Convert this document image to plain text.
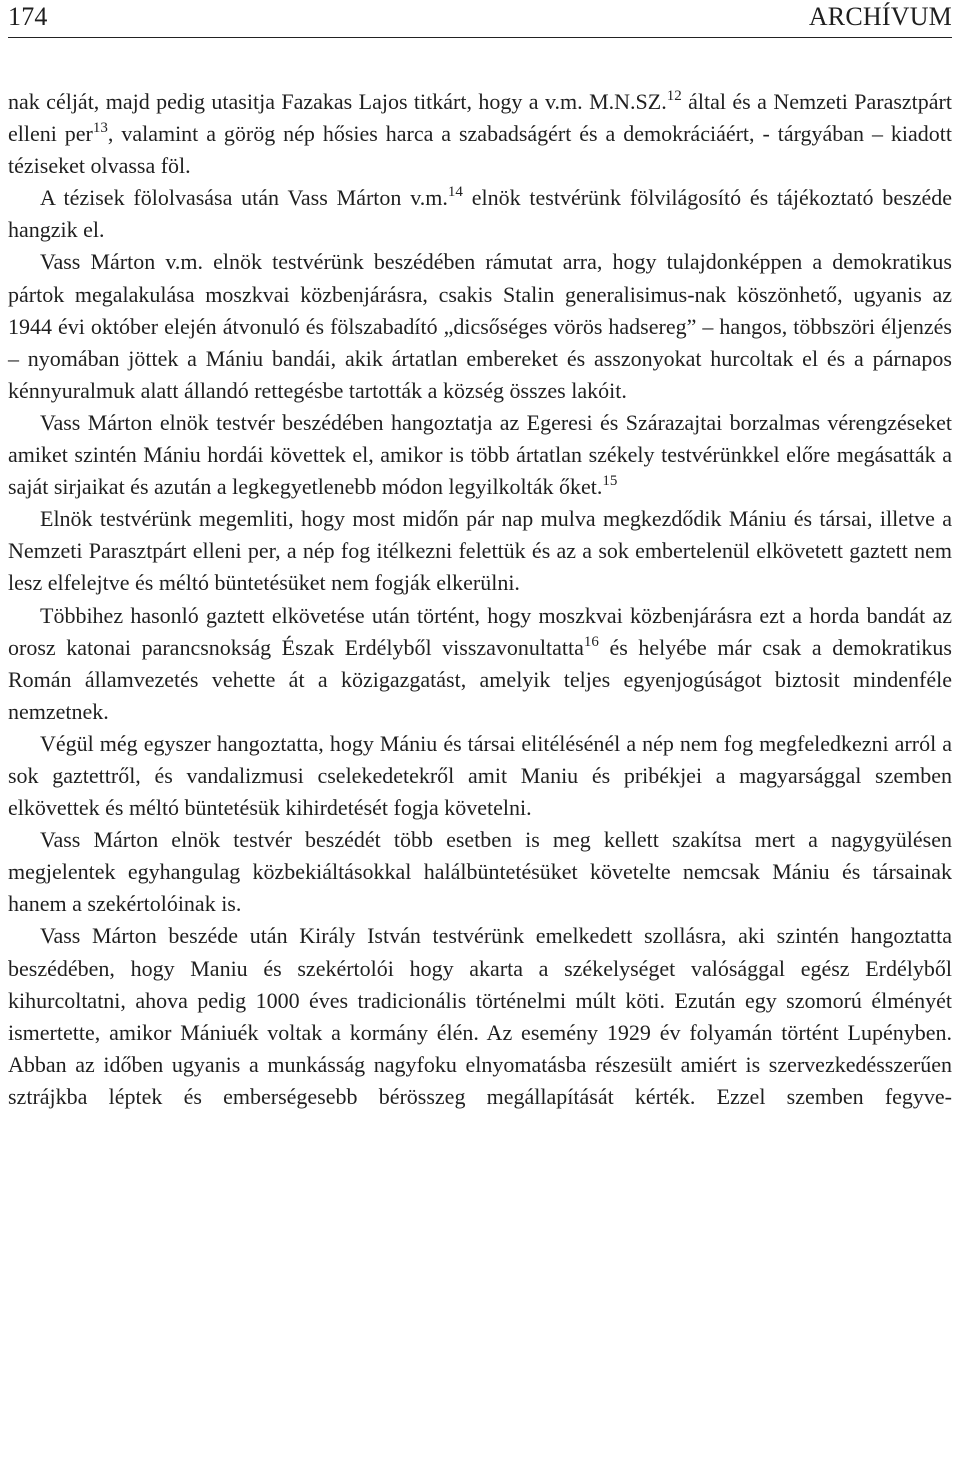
174	ARCHÍVUM

nak célját, majd pedig utasitja Fazakas Lajos titkárt, hogy a v.m. M.N.SZ.$^{12}$ által és a Nemzeti Parasztpárt elleni per$^{13}$, valamint a görög nép hősies harca a szabadságért és a demokráciáért, - tárgyában – kiadott téziseket olvassa föl.

A tézisek fölolvasása után Vass Márton v.m.$^{14}$ elnök testvérünk fölvilágosító és tájékoztató beszéde hangzik el.

Vass Márton v.m. elnök testvérünk beszédében rámutat arra, hogy tulajdonképpen a demokratikus pártok megalakulása moszkvai közbenjárásra, csakis Stalin generalisimus-nak köszönhető, ugyanis az 1944 évi október elején átvonuló és fölszabadító „dicsőséges vörös hadsereg” – hangos, többszöri éljenzés – nyomában jöttek a Mániu bandái, akik ártatlan embereket és asszonyokat hurcoltak el és a párnapos kénnyuralmuk alatt állandó rettegésbe tartották a község összes lakóit.

Vass Márton elnök testvér beszédében hangoztatja az Egeresi és Szárazajtai borzalmas vérengzéseket amiket szintén Mániu hordái követtek el, amikor is több ártatlan székely testvérünkkel előre megásatták a saját sirjaikat és azután a legkegyetlenebb módon legyilkolták őket.$^{15}$

Elnök testvérünk megemliti, hogy most midőn pár nap mulva megkezdődik Mániu és társai, illetve a Nemzeti Parasztpárt elleni per, a nép fog itélkezni felettük és az a sok embertelenül elkövetett gaztett nem lesz elfelejtve és méltó büntetésüket nem fogják elkerülni.

Többihez hasonló gaztett elkövetése után történt, hogy moszkvai közbenjárásra ezt a horda bandát az orosz katonai parancsnokság Észak Erdélyből visszavonultatta$^{16}$ és helyébe már csak a demokratikus Román államvezetés vehette át a közigazgatást, amelyik teljes egyenjogúságot biztosit mindenféle nemzetnek.

Végül még egyszer hangoztatta, hogy Mániu és társai elitélésénél a nép nem fog megfeledkezni arról a sok gaztettről, és vandalizmusi cselekedetekről amit Maniu és pribékjei a magyarsággal szemben elkövettek és méltó büntetésük kihirdetését fogja követelni.

Vass Márton elnök testvér beszédét több esetben is meg kellett szakítsa mert a nagygyülésen megjelentek egyhangulag közbekiáltásokkal halálbüntetésüket követelte nemcsak Mániu és társainak hanem a szekértolóinak is.

Vass Márton beszéde után Király István testvérünk emelkedett szollásra, aki szintén hangoztatta beszédében, hogy Maniu és szekértolói hogy akarta a székelységet valósággal egész Erdélyből kihurcoltatni, ahova pedig 1000 éves tradicionális történelmi múlt köti. Ezután egy szomorú élményét ismertette, amikor Mániuék voltak a kormány élén. Az esemény 1929 év folyamán történt Lupényben. Abban az időben ugyanis a munkásság nagyfoku elnyomatásba részesült amiért is szervezkedésszerűen sztrájkba léptek és emberségesebb bérösszeg megállapítását kérték. Ezzel szemben fegyve-
